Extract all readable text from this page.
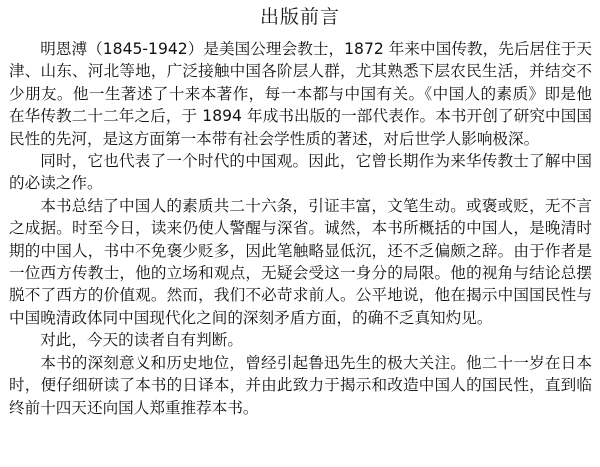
出版前言

明恩溥（1845-1942）是美国公理会教士，1872 年来中国传教，先后居住于天津、山东、河北等地，广泛接触中国各阶层人群，尤其熟悉下层农民生活，并结交不少朋友。他一生著述了十来本著作，每一本都与中国有关。《中国人的素质》即是他在华传教二十二年之后，于 1894 年成书出版的一部代表作。本书开创了研究中国国民性的先河，是这方面第一本带有社会学性质的著述，对后世学人影响极深。

同时，它也代表了一个时代的中国观。因此，它曾长期作为来华传教士了解中国的必读之作。

本书总结了中国人的素质共二十六条，引证丰富，文笔生动。或褒或贬，无不言之成据。时至今日，读来仍使人警醒与深省。诚然，本书所概括的中国人，是晚清时期的中国人，书中不免褒少贬多，因此笔触略显低沉，还不乏偏颇之辞。由于作者是一位西方传教士，他的立场和观点，无疑会受这一身分的局限。他的视角与结论总摆脱不了西方的价值观。然而，我们不必苛求前人。公平地说，他在揭示中国国民性与中国晚清政体同中国现代化之间的深刻矛盾方面，的确不乏真知灼见。

对此，今天的读者自有判断。

本书的深刻意义和历史地位，曾经引起鲁迅先生的极大关注。他二十一岁在日本时，便仔细研读了本书的日译本，并由此致力于揭示和改造中国人的国民性，直到临终前十四天还向国人郑重推荐本书。
